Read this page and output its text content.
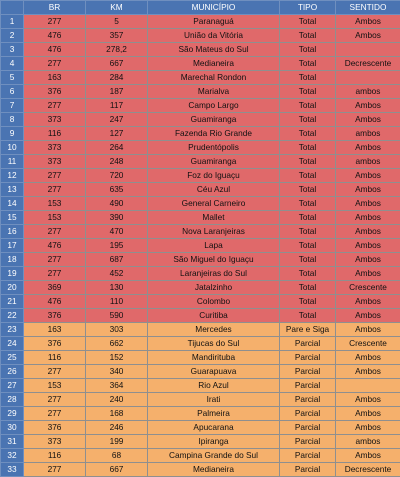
	BR	KM	MUNICÍPIO	TIPO	SENTIDO
1	277	5	Paranaguá	Total	Ambos
2	476	357	União da Vitória	Total	Ambos
3	476	278,2	São Mateus do Sul	Total	
4	277	667	Medianeira	Total	Decrescente
5	163	284	Marechal Rondon	Total	
6	376	187	Marialva	Total	ambos
7	277	117	Campo Largo	Total	Ambos
8	373	247	Guamiranga	Total	Ambos
9	116	127	Fazenda Rio Grande	Total	ambos
10	373	264	Prudentópolis	Total	Ambos
11	373	248	Guamiranga	Total	ambos
12	277	720	Foz do Iguaçu	Total	Ambos
13	277	635	Céu Azul	Total	Ambos
14	153	490	General Carneiro	Total	Ambos
15	153	390	Mallet	Total	Ambos
16	277	470	Nova Laranjeiras	Total	Ambos
17	476	195	Lapa	Total	Ambos
18	277	687	São Miguel do Iguaçu	Total	Ambos
19	277	452	Laranjeiras do Sul	Total	Ambos
20	369	130	Jatalzinho	Total	Crescente
21	476	110	Colombo	Total	Ambos
22	376	590	Curitiba	Total	Ambos
23	163	303	Mercedes	Pare e Siga	Ambos
24	376	662	Tijucas do Sul	Parcial	Crescente
25	116	152	Mandirituba	Parcial	Ambos
26	277	340	Guarapuava	Parcial	Ambos
27	153	364	Rio Azul	Parcial	
28	277	240	Irati	Parcial	Ambos
29	277	168	Palmeira	Parcial	Ambos
30	376	246	Apucarana	Parcial	Ambos
31	373	199	Ipiranga	Parcial	ambos
32	116	68	Campina Grande do Sul	Parcial	Ambos
33	277	667	Medianeira	Parcial	Decrescente
